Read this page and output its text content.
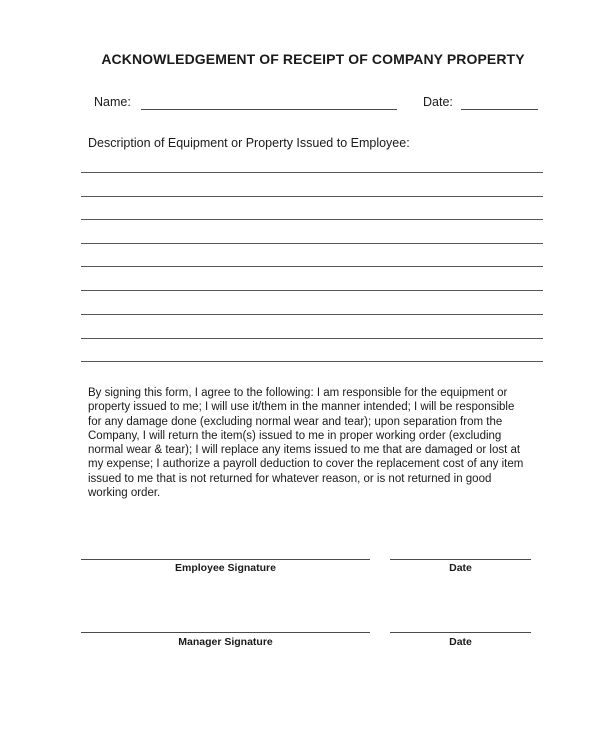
ACKNOWLEDGEMENT OF RECEIPT OF COMPANY PROPERTY
Name:	Date:
Description of Equipment or Property Issued to Employee:

By signing this form, I agree to the following: I am responsible for the equipment or
property issued to me; I will use it/them in the manner intended; I will be responsible
for any damage done (excluding normal wear and tear); upon separation from the
Company, I will return the item(s) issued to me in proper working order (excluding
normal wear & tear); I will replace any items issued to me that are damaged or lost at
my expense; I authorize a payroll deduction to cover the replacement cost of any item
issued to me that is not returned for whatever reason, or is not returned in good
working order.

Employee Signature	Date
Manager Signature	Date
